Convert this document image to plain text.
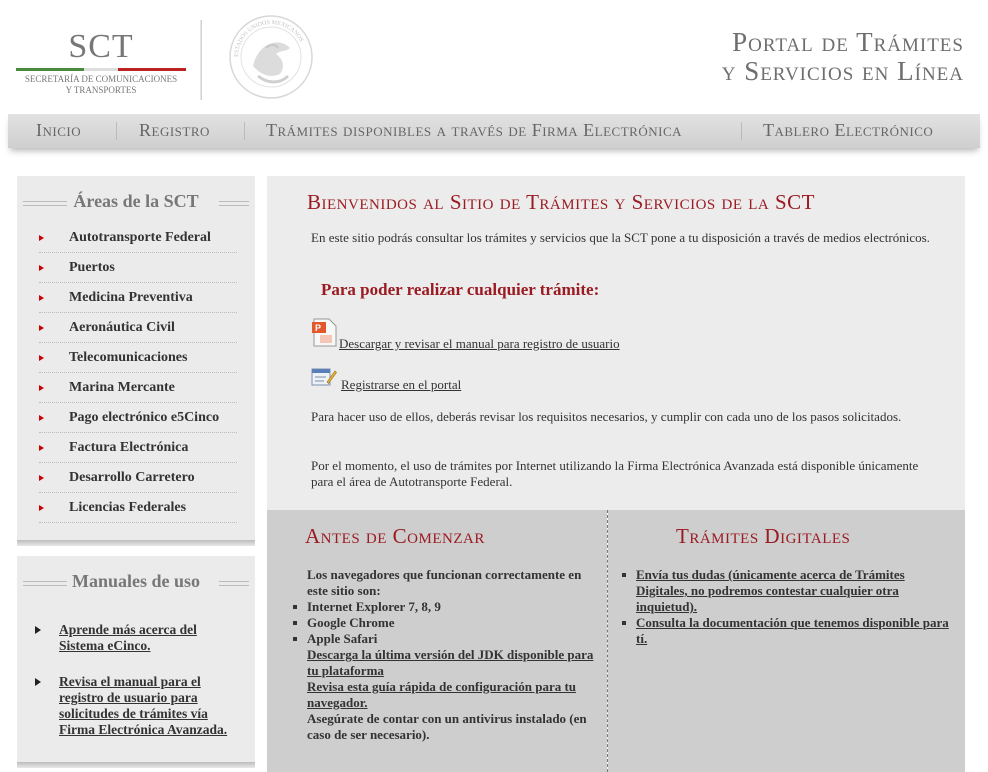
SCT
SECRETARÍA DE COMUNICACIONES
Y TRANSPORTES
ESTADOS UNIDOS MEXICANOS	Portal de Trámites
y Servicios en Línea
Inicio	Registro	Trámites disponibles a través de Firma Electrónica	Tablero Electrónico
Áreas de la SCT
Autotransporte Federal
Puertos
Medicina Preventiva
Aeronáutica Civil
Telecomunicaciones
Marina Mercante
Pago electrónico e5Cinco
Factura Electrónica
Desarrollo Carretero
Licencias Federales
Manuales de uso
Aprende más acerca del Sistema eCinco.
Revisa el manual para el registro de usuario para solicitudes de trámites vía Firma Electrónica Avanzada.
Bienvenidos al Sitio de Trámites y Servicios de la SCT
En este sitio podrás consultar los trámites y servicios que la SCT pone a tu disposición a través de medios electrónicos.
Para poder realizar cualquier trámite:
P
Descargar y revisar el manual para registro de usuario
Registrarse en el portal
Para hacer uso de ellos, deberás revisar los requisitos necesarios, y cumplir con cada uno de los pasos solicitados.
Por el momento, el uso de trámites por Internet utilizando la Firma Electrónica Avanzada está disponible únicamente para el área de Autotransporte Federal.
Antes de Comenzar
Los navegadores que funcionan correctamente en este sitio son:
Internet Explorer 7, 8, 9
Google Chrome
Apple Safari
Descarga la última versión del JDK disponible para tu plataforma
Revisa esta guía rápida de configuración para tu navegador.
Asegúrate de contar con un antivirus instalado (en caso de ser necesario).
Trámites Digitales
Envía tus dudas (únicamente acerca de Trámites Digitales, no podremos contestar cualquier otra inquietud).
Consulta la documentación que tenemos disponible para tí.
